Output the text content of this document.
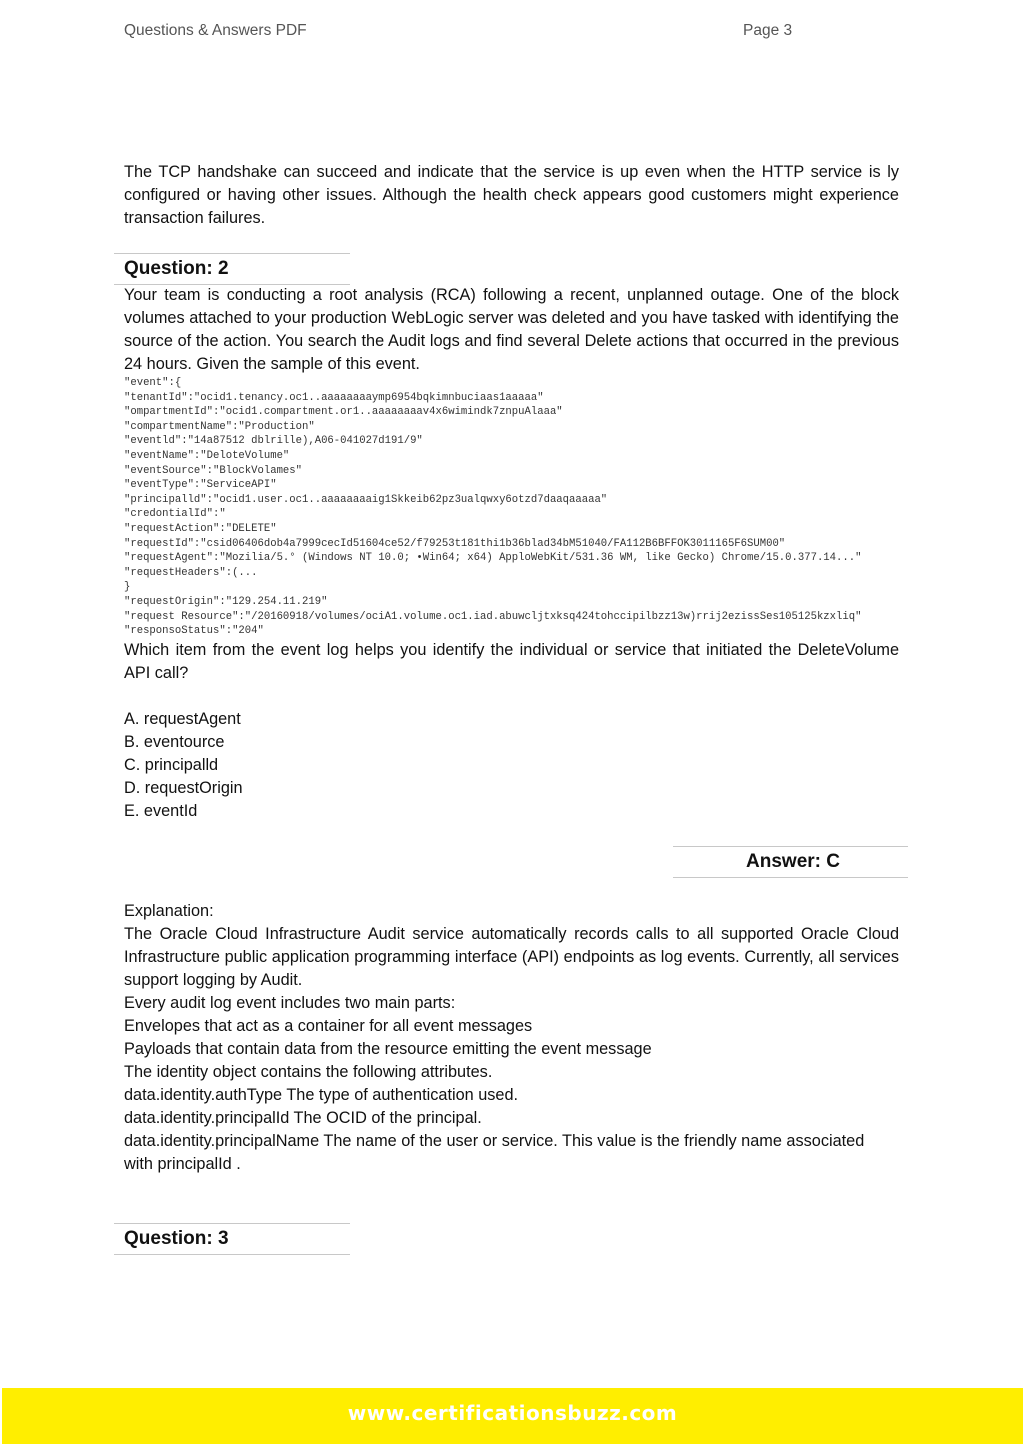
Questions & Answers PDF	Page 3

The TCP handshake can succeed and indicate that the service is up even when the HTTP service is ly configured or having other issues. Although the health check appears good customers might experience transaction failures.

Question: 2

Your team is conducting a root analysis (RCA) following a recent, unplanned outage. One of the block volumes attached to your production WebLogic server was deleted and you have tasked with identifying the source of the action. You search the Audit logs and find several Delete actions that occurred in the previous 24 hours. Given the sample of this event.

"event":{
"tenantId":"ocid1.tenancy.oc1..aaaaaaaaymp6954bqkimnbuciaas1aaaaa"
"ompartmentId":"ocid1.compartment.or1..aaaaaaaav4x6wimindk7znpuAlaaa"
"compartmentName":"Production"
"eventld":"14a87512 dblrille),A06-041027d191/9"
"eventName":"DeloteVolume"
"eventSource":"BlockVolames"
"eventType":"ServiceAPI"
"principalld":"ocid1.user.oc1..aaaaaaaaig1Skkeib62pz3ualqwxy6otzd7daaqaaaaa"
"credontialId":"
"requestAction":"DELETE"
"requestId":"csid06406dob4a7999cecId51604ce52/f79253t181thi1b36blad34bM51040/FA112B6BFFOK3011165F6SUM00"
"requestAgent":"Mozilia/5.° (Windows NT 10.0; •Win64; x64) ApploWebKit/531.36 WM, like Gecko) Chrome/15.0.377.14..."
"requestHeaders":(...
}
"requestOrigin":"129.254.11.219"
"request Resource":"/20160918/volumes/ociA1.volume.oc1.iad.abuwcljtxksq424tohccipilbzz13w)rrij2ezissSes105125kzxliq"
"responsoStatus":"204"

Which item from the event log helps you identify the individual or service that initiated the DeleteVolume API call?

A. requestAgent
B. eventource
C. principalld
D. requestOrigin
E. eventId
Answer: C

Explanation:

The Oracle Cloud Infrastructure Audit service automatically records calls to all supported Oracle Cloud Infrastructure public application programming interface (API) endpoints as log events. Currently, all services support logging by Audit.

Every audit log event includes two main parts:

Envelopes that act as a container for all event messages

Payloads that contain data from the resource emitting the event message

The identity object contains the following attributes.

data.identity.authType The type of authentication used.

data.identity.principalId The OCID of the principal.

data.identity.principalName The name of the user or service. This value is the friendly name associated

with principalId .

Question: 3
www.certificationsbuzz.com
